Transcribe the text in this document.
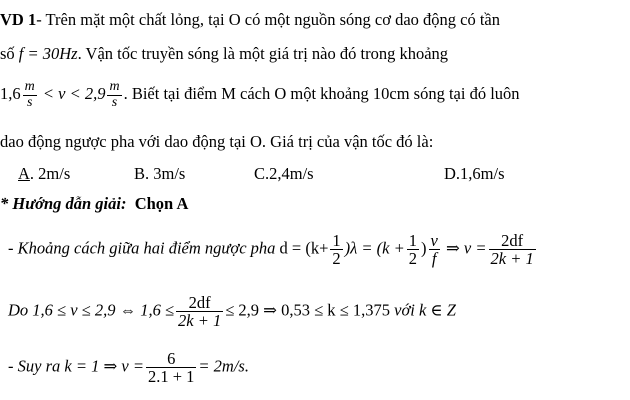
VD 1- Trên mặt một chất lỏng, tại O có một nguồn sóng cơ dao động có tần
số f = 30Hz. Vận tốc truyền sóng là một giá trị nào đó trong khoảng
$1,6 \frac{m}{s} < v < 2,9 \frac{m}{s}$ . Biết tại điểm M cách O một khoảng 10cm sóng tại đó luôn
dao động ngược pha với dao động tại O. Giá trị của vận tốc đó là:
A. 2m/s	B. 3m/s	C.2,4m/s	D.1,6m/s
* Hướng dẫn giải: Chọn A
- Khoảng cách giữa hai điểm ngược pha $d = (k+ \frac{1}{2} )\lambda = (k + \frac{1}{2}$ ) $\frac{v}{f}$ ⇒ $v = \frac{2df}{2k + 1}$
Do 1,6 ≤ v ≤ 2,9 ⇔ $1,6 \le \frac{2df}{2k + 1} \le 2,9$ ⇒ 0,53 ≤ k ≤ 1,375 với k ∈ Z
- Suy ra k = 1 ⇒ $v = \frac{6}{2.1 + 1} = 2m/s$.
